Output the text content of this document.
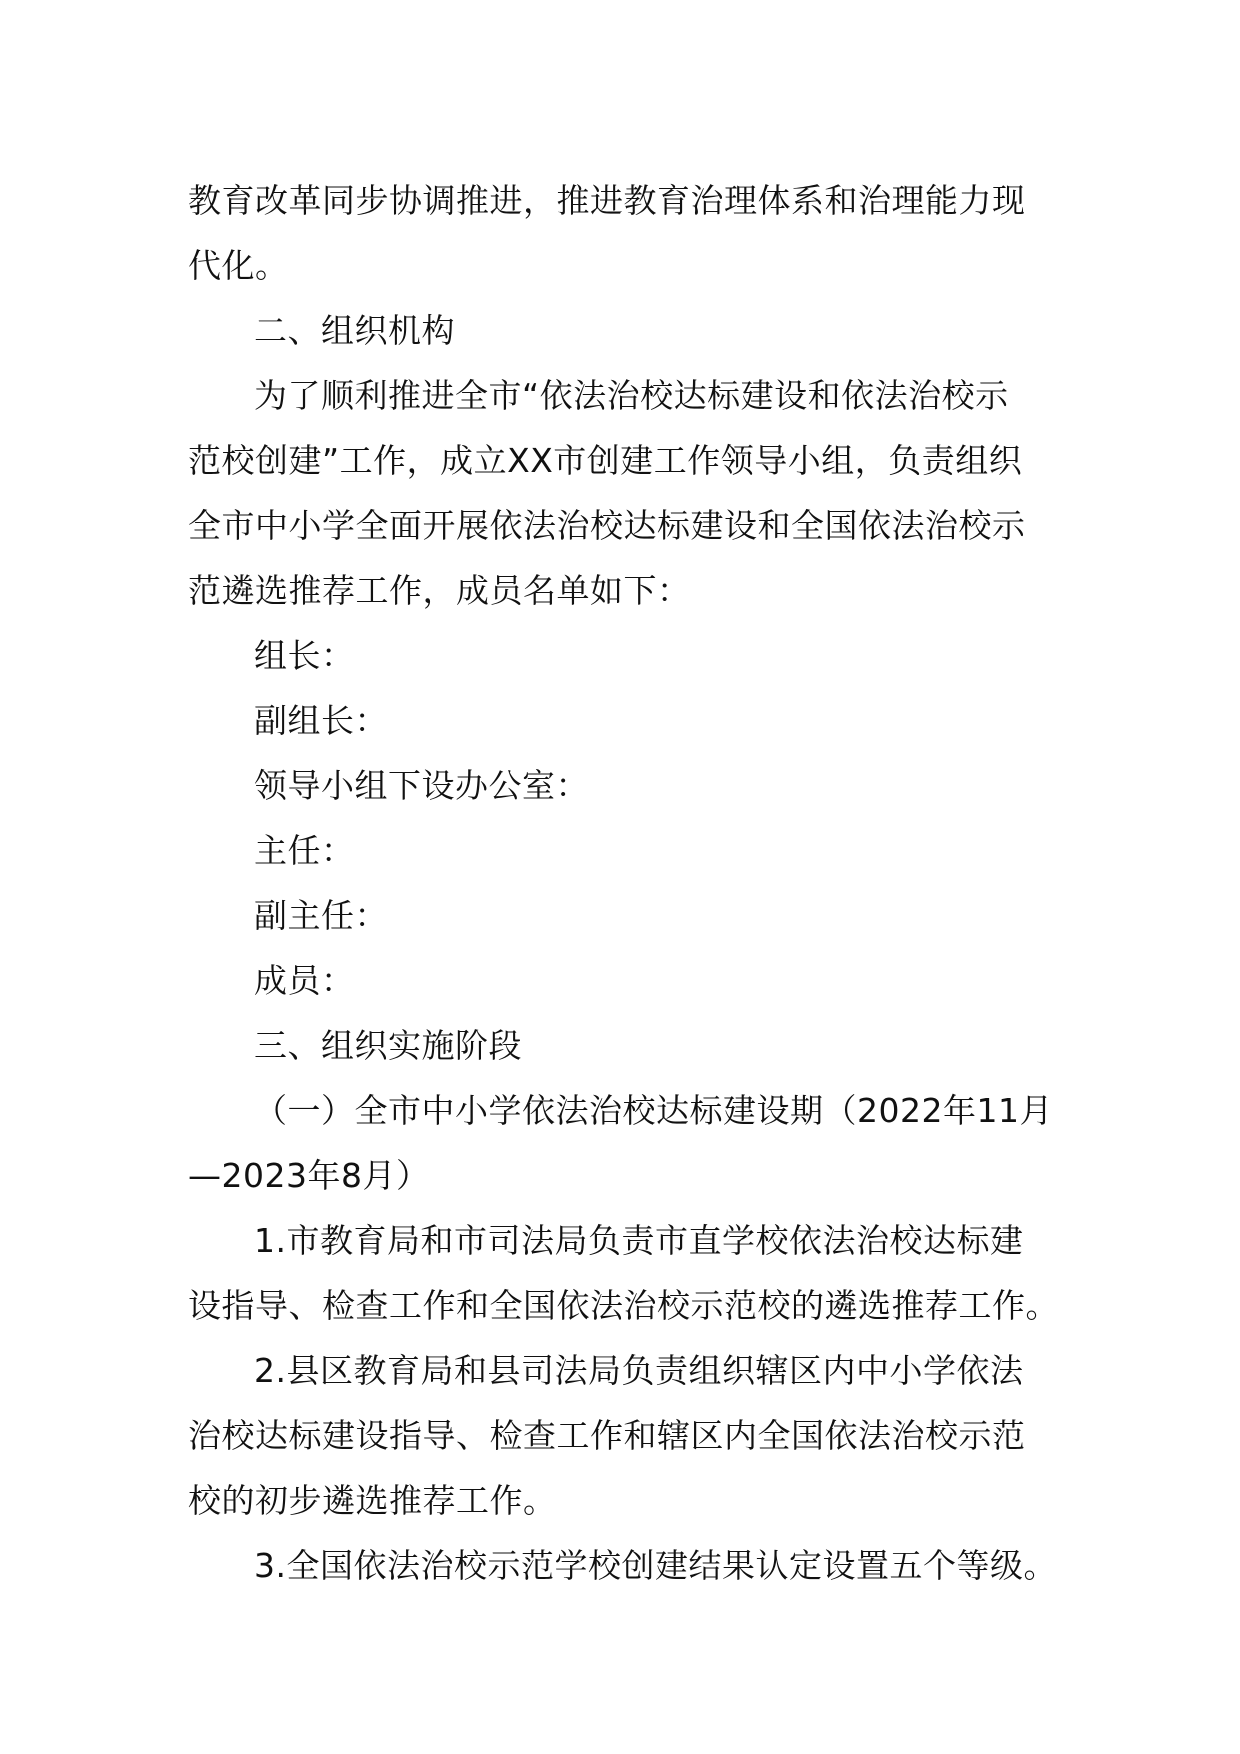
教育改革同步协调推进，推进教育治理体系和治理能力现
代化。
二、组织机构
为了顺利推进全市“依法治校达标建设和依法治校示
范校创建”工作，成立XX市创建工作领导小组，负责组织
全市中小学全面开展依法治校达标建设和全国依法治校示
范遴选推荐工作，成员名单如下：
组长：
副组长：
领导小组下设办公室：
主任：
副主任：
成员：
三、组织实施阶段
（一）全市中小学依法治校达标建设期（2022年11月
—2023年8月）
1.市教育局和市司法局负责市直学校依法治校达标建
设指导、检查工作和全国依法治校示范校的遴选推荐工作。
2.县区教育局和县司法局负责组织辖区内中小学依法
治校达标建设指导、检查工作和辖区内全国依法治校示范
校的初步遴选推荐工作。
3.全国依法治校示范学校创建结果认定设置五个等级。
